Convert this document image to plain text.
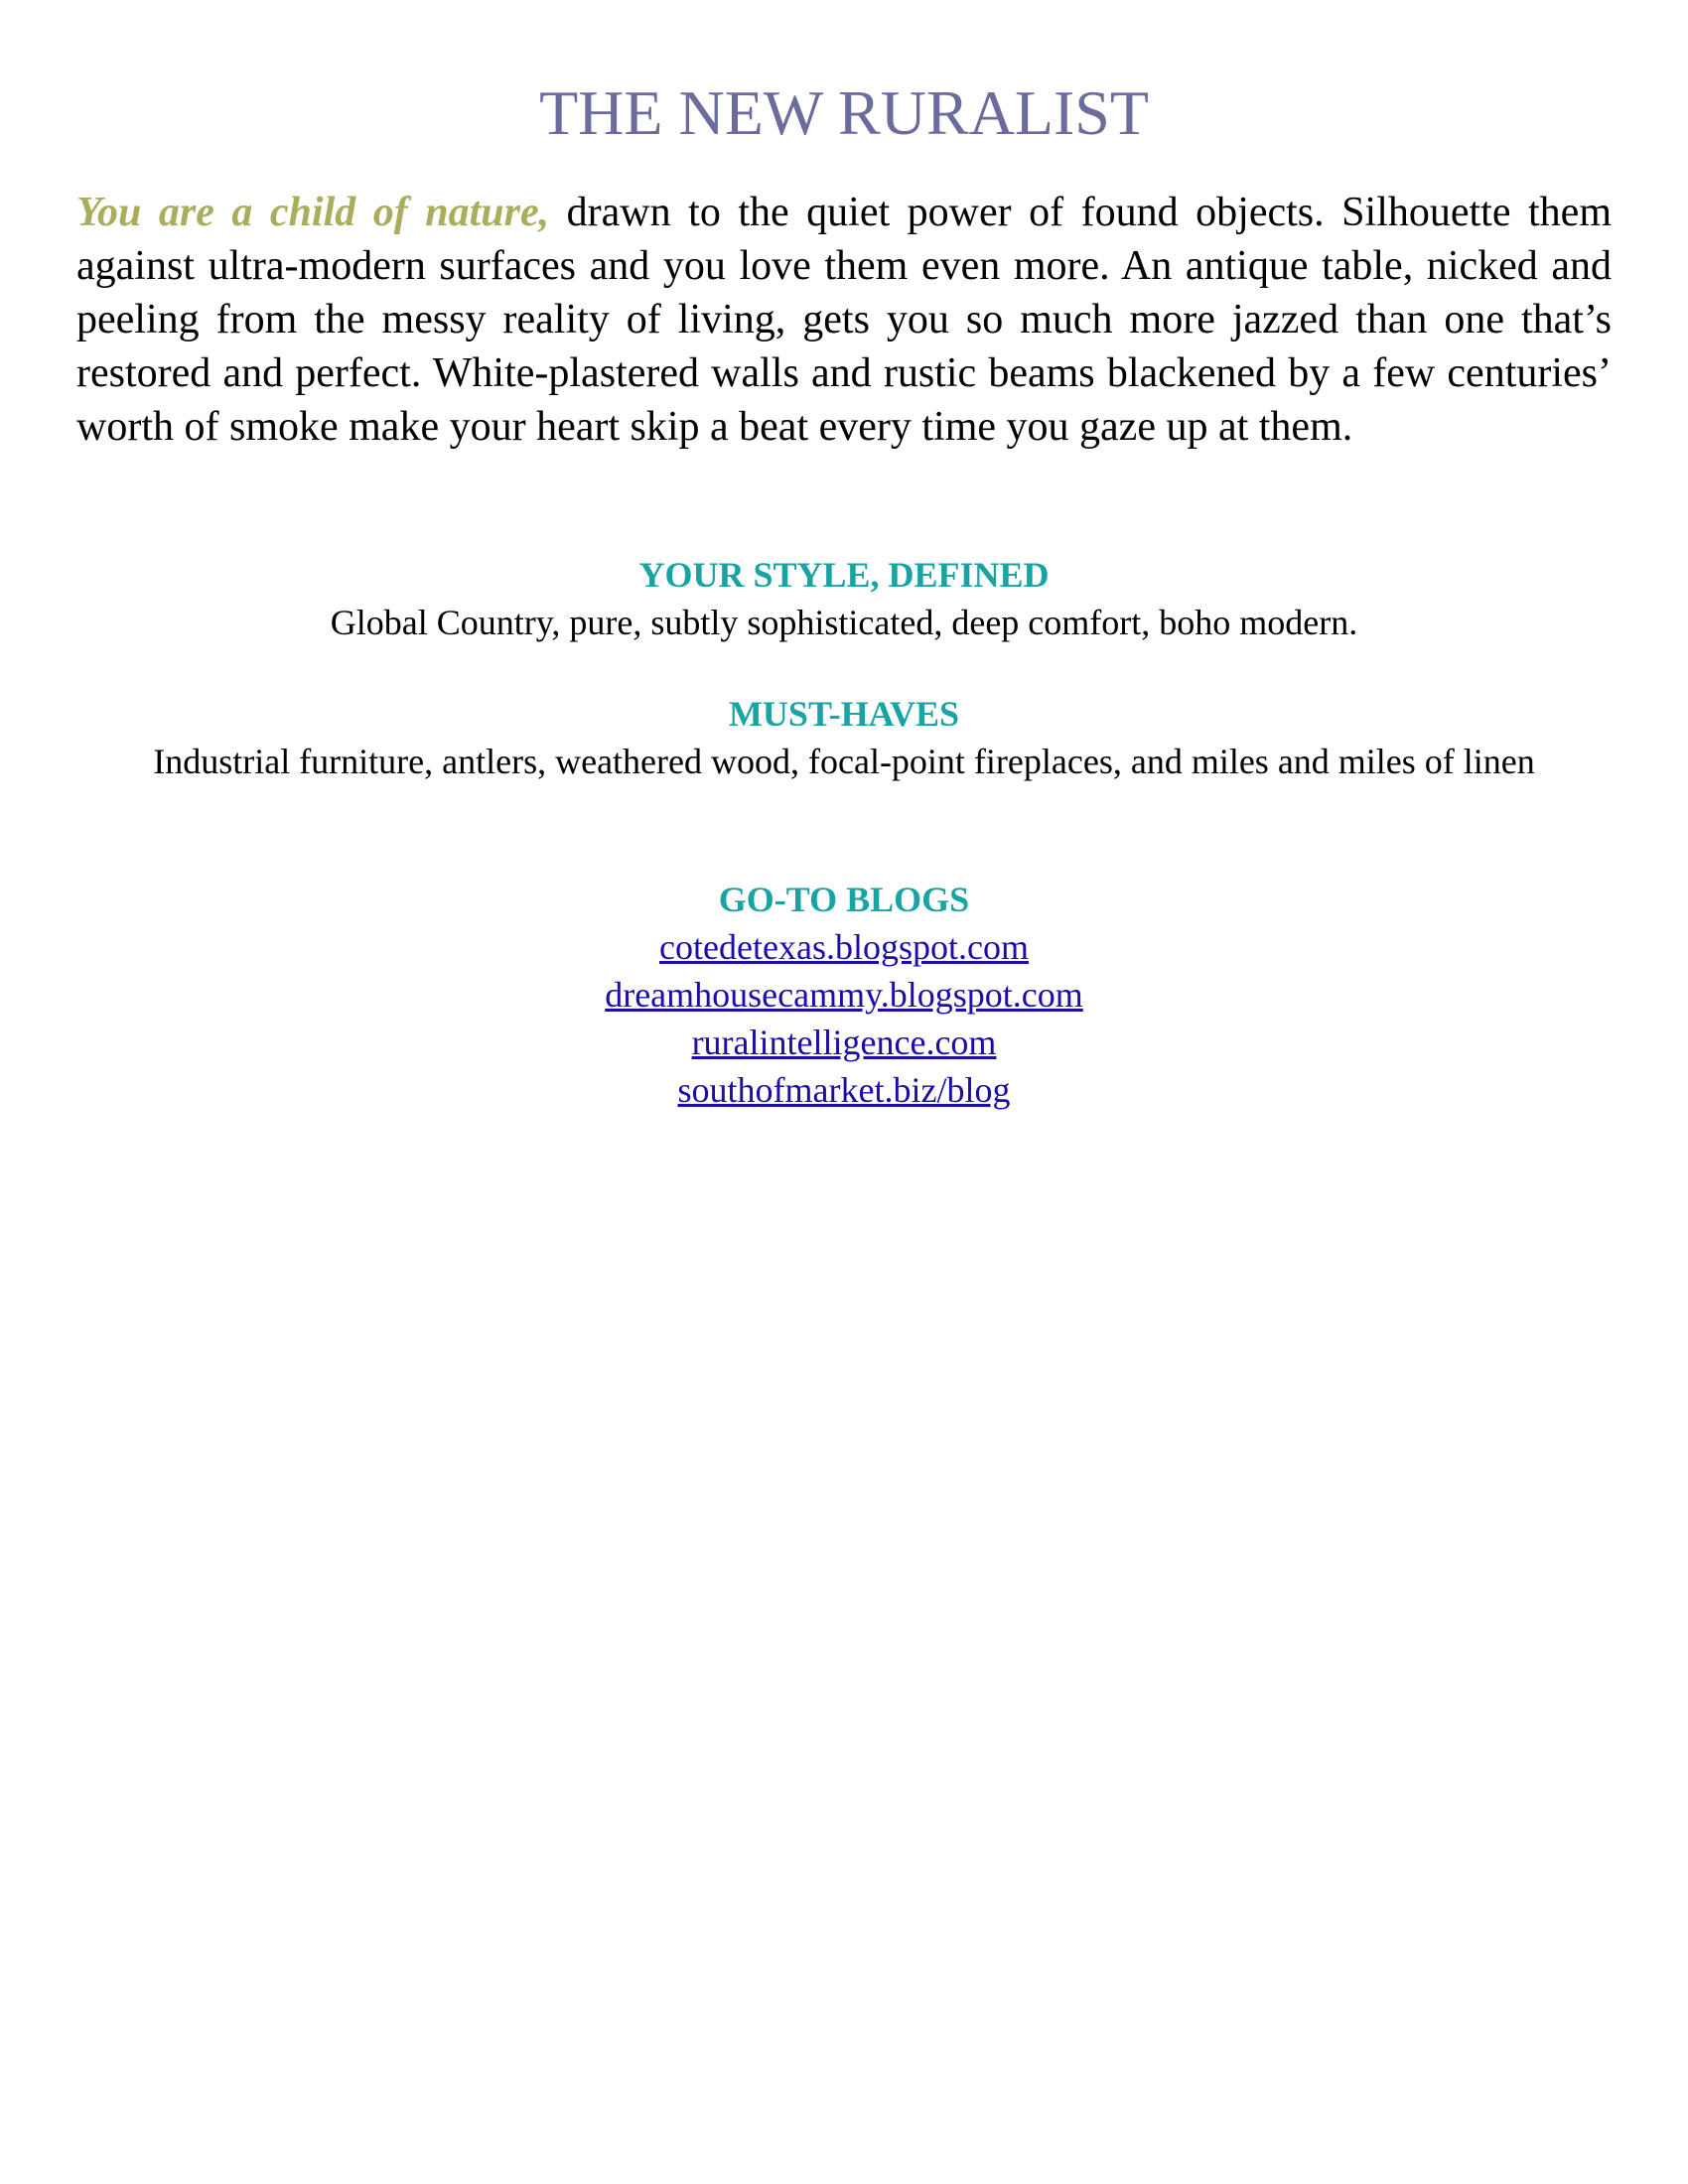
THE NEW RURALIST

You are a child of nature, drawn to the quiet power of found objects. Silhouette them against ultra-modern surfaces and you love them even more. An antique table, nicked and peeling from the messy reality of living, gets you so much more jazzed than one that’s restored and perfect. White-plastered walls and rustic beams blackened by a few centuries’ worth of smoke make your heart skip a beat every time you gaze up at them.

YOUR STYLE, DEFINED

Global Country, pure, subtly sophisticated, deep comfort, boho modern.

MUST-HAVES

Industrial furniture, antlers, weathered wood, focal-point fireplaces, and miles and miles of linen

GO-TO BLOGS
cotedetexas.blogspot.com
dreamhousecammy.blogspot.com
ruralintelligence.com
southofmarket.biz/blog
